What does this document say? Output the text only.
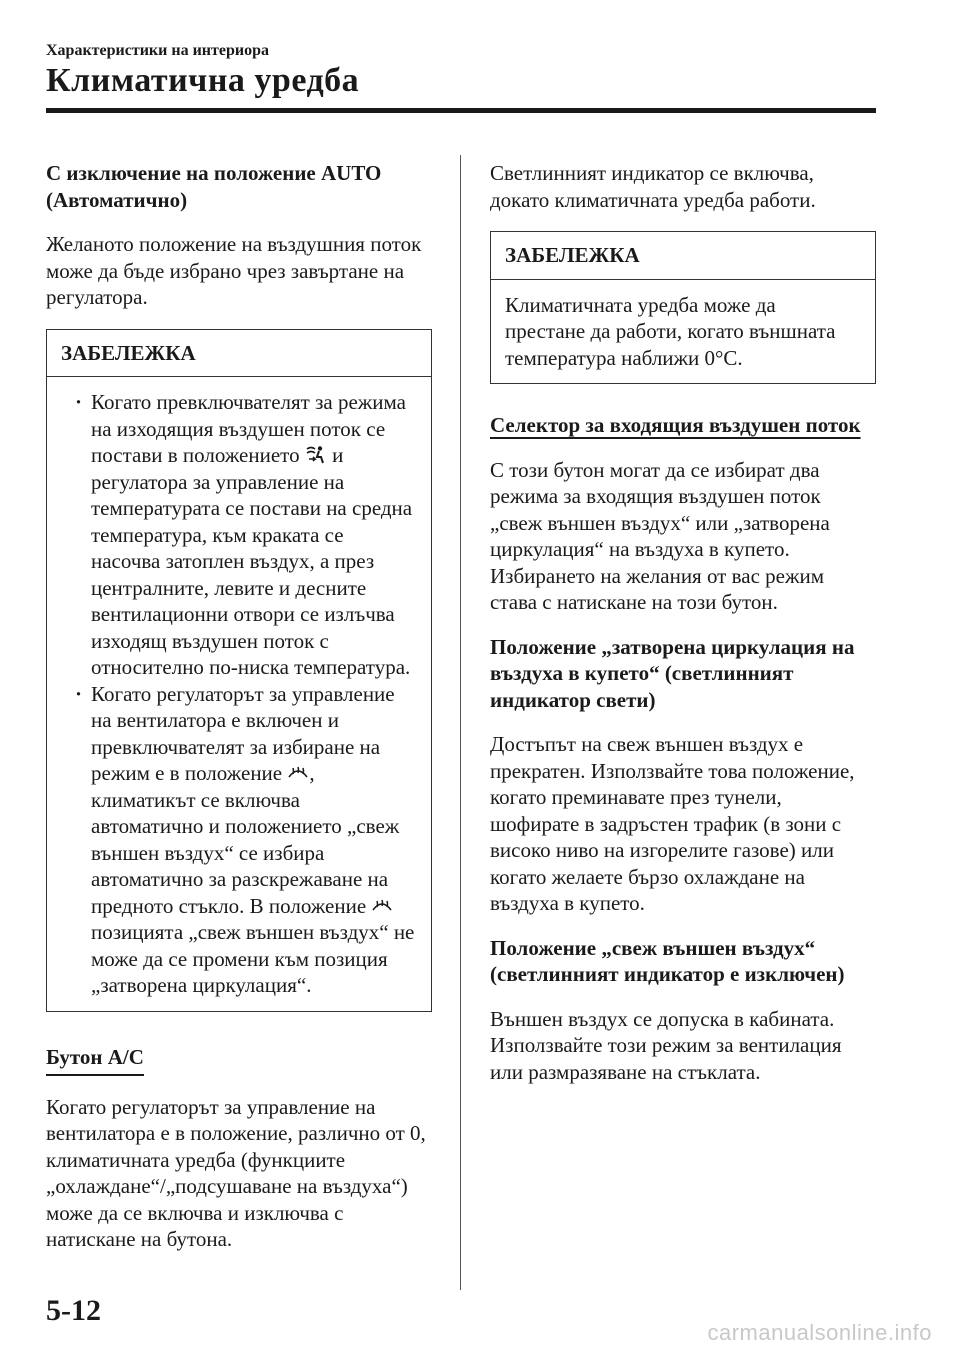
Характеристики на интериора
Климатична уредба

С изключение на положение AUTO (Автоматично)

Желаното положение на въздушния поток може да бъде избрано чрез завъртане на регулатора.

ЗАБЕЛЕЖКА
· Когато превключвателят за режима на изходящия въздушен поток се постави в положението  и регулатора за управление на температурата се постави на средна температура, към краката се насочва затоплен въздух, а през централните, левите и десните вентилационни отвори се излъчва изходящ въздушен поток с относително по-ниска температура.
· Когато регулаторът за управление на вентилатора е включен и превключвателят за избиране на режим е в положение , климатикът се включва автоматично и положението „свеж външен въздух“ се избира автоматично за разскрежаване на предното стъкло. В положение  позицията „свеж външен въздух“ не може да се промени към позиция „затворена циркулация“.

Бутон A/C

Когато регулаторът за управление на вентилатора е в положение, различно от 0, климатичната уредба (функциите „охлаждане“/„подсушаване на въздуха“) може да се включва и изключва с натискане на бутона.

Светлинният индикатор се включва, докато климатичната уредба работи.

ЗАБЕЛЕЖКА
Климатичната уредба може да престане да работи, когато външната температура наближи 0°C.

Селектор за входящия въздушен поток

С този бутон могат да се избират два режима за входящия въздушен поток „свеж външен въздух“ или „затворена циркулация“ на въздуха в купето. Избирането на желания от вас режим става с натискане на този бутон.

Положение „затворена циркулация на въздуха в купето“ (светлинният индикатор свети)

Достъпът на свеж външен въздух е прекратен. Използвайте това положение, когато преминавате през тунели, шофирате в задръстен трафик (в зони с високо ниво на изгорелите газове) или когато желаете бързо охлаждане на въздуха в купето.

Положение „свеж външен въздух“ (светлинният индикатор е изключен)

Външен въздух се допуска в кабината. Използвайте този режим за вентилация или размразяване на стъклата.

5-12
carmanualsonline.info
